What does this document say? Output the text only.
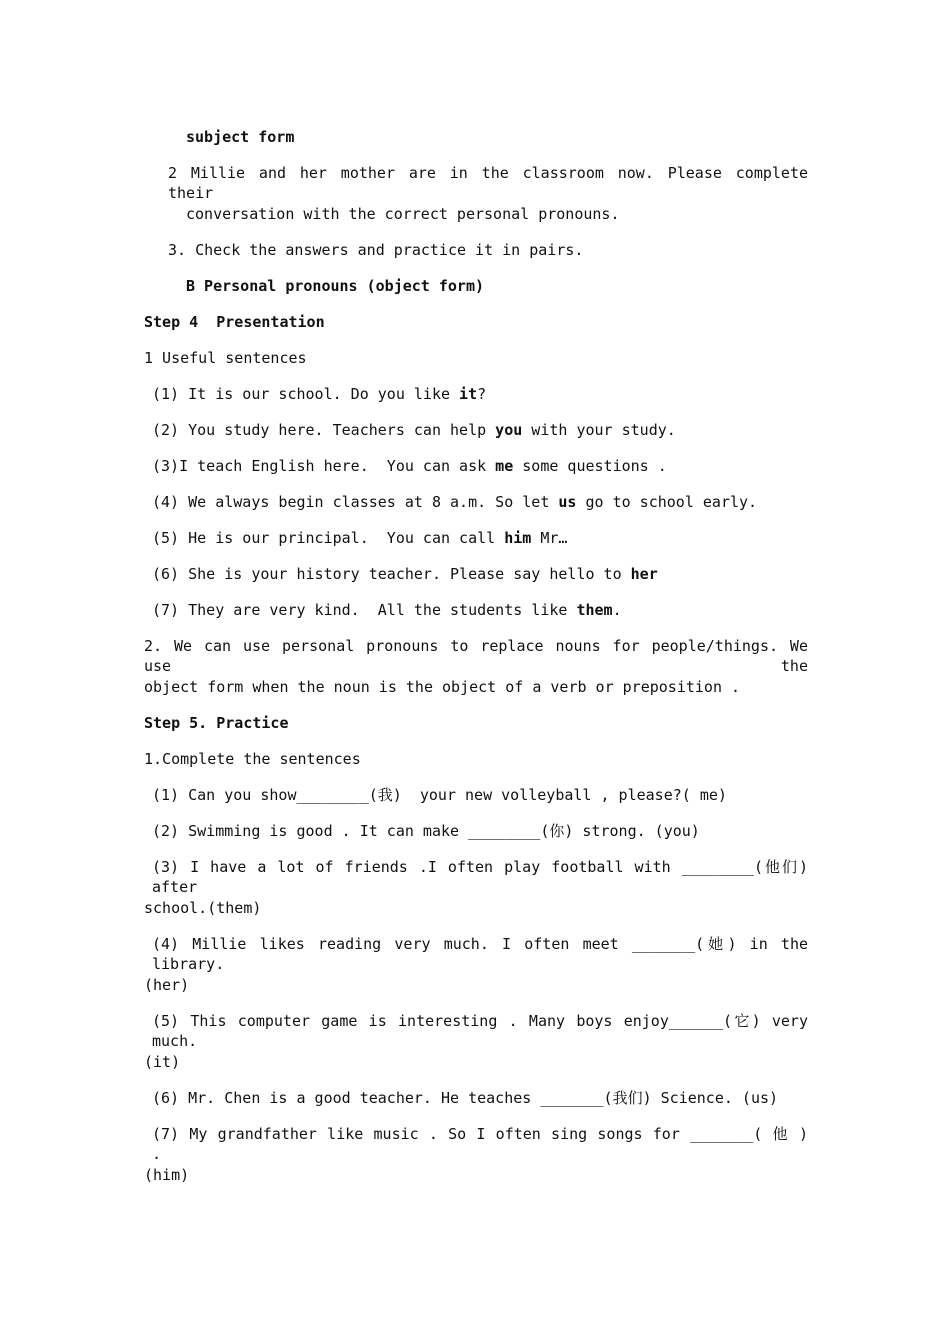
subject form
2 Millie and her mother are in the classroom now. Please complete their
conversation with the correct personal pronouns.
3. Check the answers and practice it in pairs.
B Personal pronouns (object form)
Step 4  Presentation
1 Useful sentences
(1) It is our school. Do you like it?
(2) You study here. Teachers can help you with your study.
(3)I teach English here.  You can ask me some questions .
(4) We always begin classes at 8 a.m. So let us go to school early.
(5) He is our principal.  You can call him Mr…
(6) She is your history teacher. Please say hello to her
(7) They are very kind.  All the students like them.
2. We can use personal pronouns to replace nouns for people/things. We use the
object form when the noun is the object of a verb or preposition .
Step 5. Practice
1.Complete the sentences
(1) Can you show________(我)  your new volleyball , please?( me)
(2) Swimming is good . It can make ________(你) strong. (you)
(3) I have a lot of friends .I often play football with ________(他们) after
school.(them)
(4) Millie likes reading very much. I often meet _______(她) in the library.
(her)
(5) This computer game is interesting . Many boys enjoy______(它) very much.
(it)
(6) Mr. Chen is a good teacher. He teaches _______(我们) Science. (us)
(7) My grandfather like music . So I often sing songs for _______( 他 ) .
(him)
